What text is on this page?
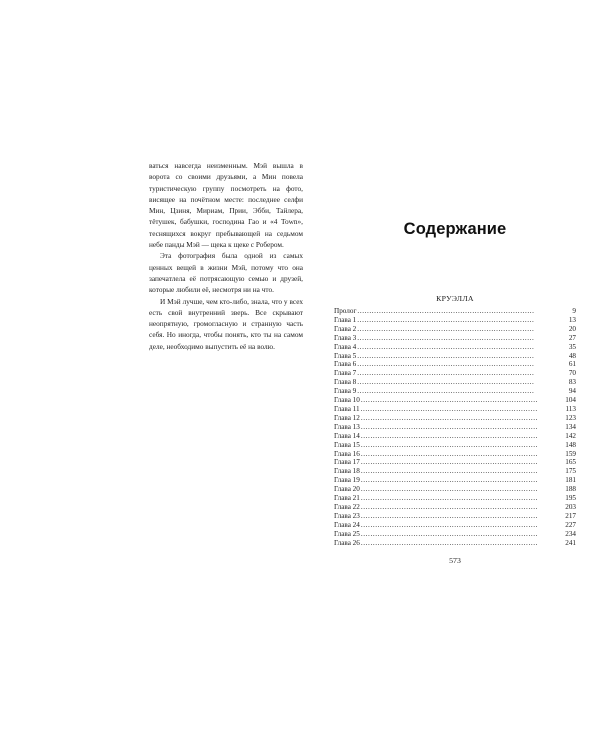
ваться навсегда неизменным. Мэй вышла в ворота со своими друзьями, а Мин повела туристическую группу посмотреть на фото, висящее на почётном месте: последнее селфи Мин, Цзиня, Мириам, Прии, Эбби, Тайлера, тётушек, бабушки, господина Гао и «4 Town», теснящихся вокруг пребывающей на седьмом небе панды Мэй — щека к щеке с Робером.

Эта фотография была одной из самых ценных вещей в жизни Мэй, потому что она запечатлела её потрясающую семью и друзей, которые любили её, несмотря ни на что.

И Мэй лучше, чем кто-либо, знала, что у всех есть свой внутренний зверь. Все скрывают неопрятную, громогласную и странную часть себя. Но иногда, чтобы понять, кто ты на самом деле, необходимо выпустить её на волю.

Содержание
КРУЭЛЛА
Пролог . . .	9
Глава 1 . . .	13
Глава 2 . . .	20
Глава 3 . . .	27
Глава 4 . . .	35
Глава 5 . . .	48
Глава 6 . . .	61
Глава 7 . . .	70
Глава 8 . . .	83
Глава 9 . . .	94
Глава 10 . . .	104
Глава 11 . . .	113
Глава 12 . . .	123
Глава 13 . . .	134
Глава 14 . . .	142
Глава 15 . . .	148
Глава 16 . . .	159
Глава 17 . . .	165
Глава 18 . . .	175
Глава 19 . . .	181
Глава 20 . . .	188
Глава 21 . . .	195
Глава 22 . . .	203
Глава 23 . . .	217
Глава 24 . . .	227
Глава 25 . . .	234
Глава 26 . . .	241
573
